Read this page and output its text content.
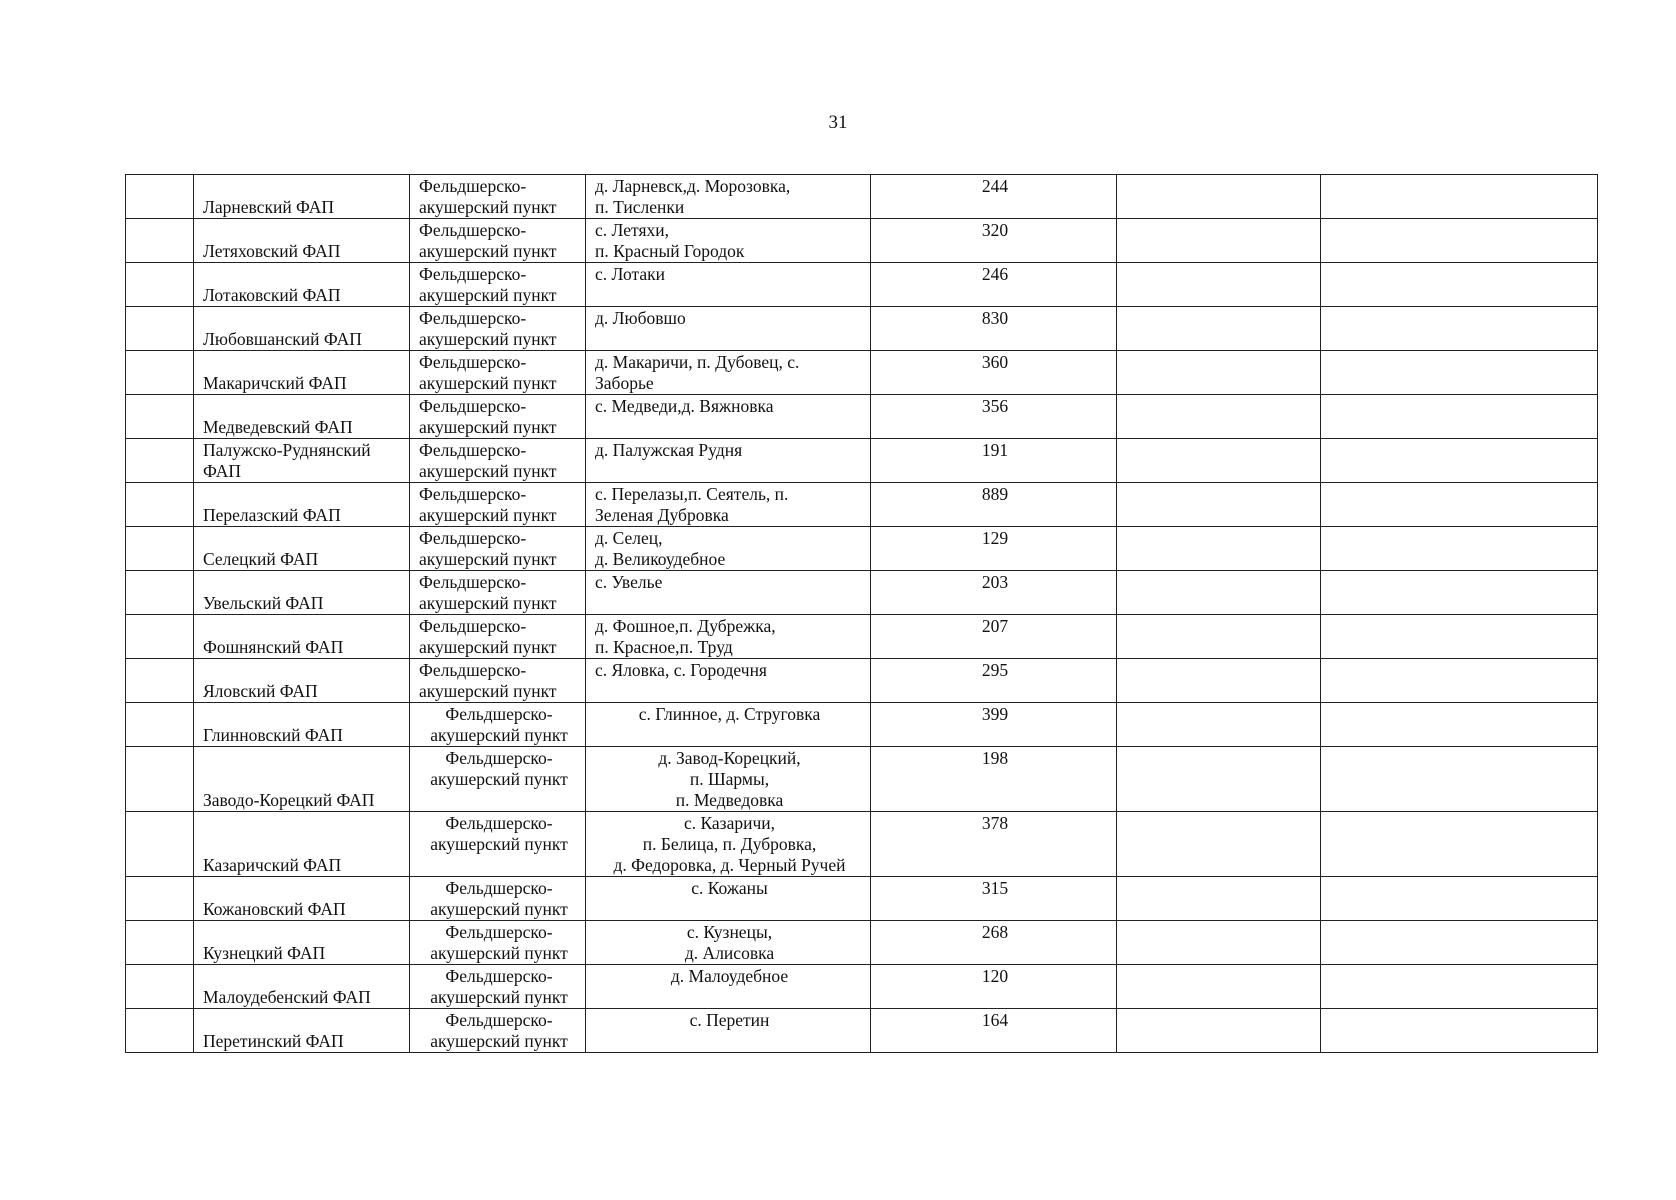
31
	Ларневский ФАП	Фельдшерско-
акушерский пункт	д. Ларневск,д. Морозовка,
п. Тисленки	244		
	Летяховский ФАП	Фельдшерско-
акушерский пункт	с. Летяхи,
п. Красный Городок	320		
	Лотаковский ФАП	Фельдшерско-
акушерский пункт	с. Лотаки	246		
	Любовшанский ФАП	Фельдшерско-
акушерский пункт	д. Любовшо	830		
	Макаричский ФАП	Фельдшерско-
акушерский пункт	д. Макаричи, п. Дубовец, с.
Заборье	360		
	Медведевский ФАП	Фельдшерско-
акушерский пункт	с. Медведи,д. Вяжновка	356		
	Палужско-Руднянский ФАП	Фельдшерско-
акушерский пункт	д. Палужская Рудня	191		
	Перелазский ФАП	Фельдшерско-
акушерский пункт	с. Перелазы,п. Сеятель, п.
Зеленая Дубровка	889		
	Селецкий ФАП	Фельдшерско-
акушерский пункт	д. Селец,
д. Великоудебное	129		
	Увельский ФАП	Фельдшерско-
акушерский пункт	с. Увелье	203		
	Фошнянский ФАП	Фельдшерско-
акушерский пункт	д. Фошное,п. Дубрежка,
п. Красное,п. Труд	207		
	Яловский ФАП	Фельдшерско-
акушерский пункт	с. Яловка, с. Городечня	295		
	Глинновский ФАП	Фельдшерско-
акушерский пункт	с. Глинное, д. Струговка	399		
	Заводо-Корецкий ФАП	Фельдшерско-
акушерский пункт	д. Завод-Корецкий,
п. Шармы,
п. Медведовка	198		
	Казаричский ФАП	Фельдшерско-
акушерский пункт	с. Казаричи,
п. Белица, п. Дубровка,
д. Федоровка, д. Черный Ручей	378		
	Кожановский ФАП	Фельдшерско-
акушерский пункт	с. Кожаны	315		
	Кузнецкий ФАП	Фельдшерско-
акушерский пункт	с. Кузнецы,
д. Алисовка	268		
	Малоудебенский ФАП	Фельдшерско-
акушерский пункт	д. Малоудебное	120		
	Перетинский ФАП	Фельдшерско-
акушерский пункт	с. Перетин	164		
